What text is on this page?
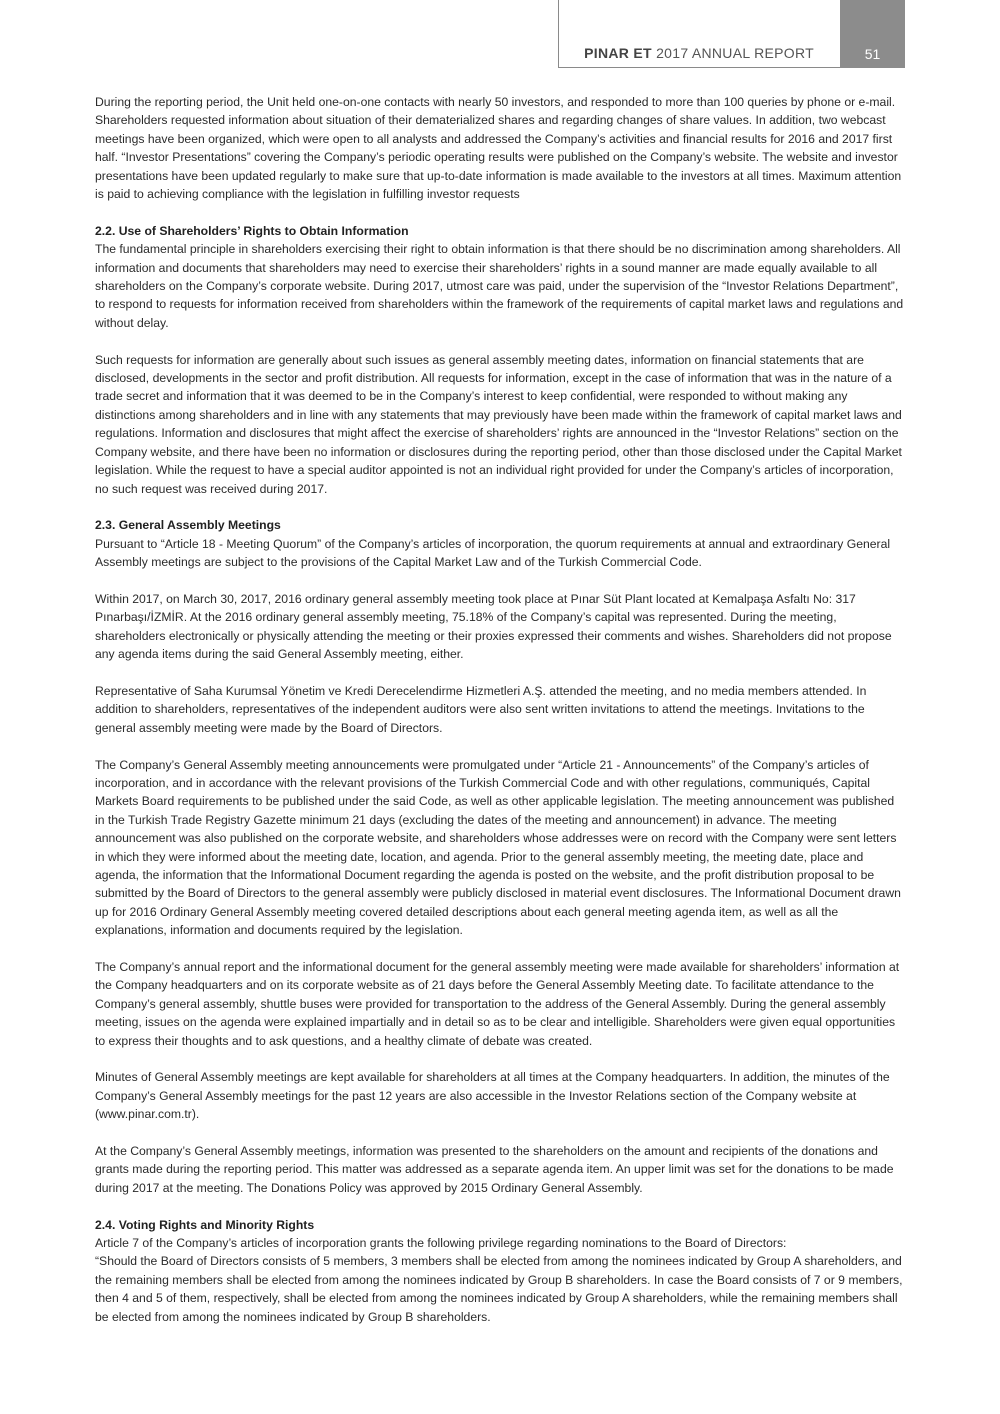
PINAR ET 2017 ANNUAL REPORT	51

During the reporting period, the Unit held one-on-one contacts with nearly 50 investors, and responded to more than 100 queries by phone or e-mail. Shareholders requested information about situation of their dematerialized shares and regarding changes of share values. In addition, two webcast meetings have been organized, which were open to all analysts and addressed the Company’s activities and financial results for 2016 and 2017 first half. “Investor Presentations” covering the Company’s periodic operating results were published on the Company’s website. The website and investor presentations have been updated regularly to make sure that up-to-date information is made available to the investors at all times. Maximum attention is paid to achieving compliance with the legislation in fulfilling investor requests

2.2. Use of Shareholders’ Rights to Obtain Information

The fundamental principle in shareholders exercising their right to obtain information is that there should be no discrimination among shareholders. All information and documents that shareholders may need to exercise their shareholders’ rights in a sound manner are made equally available to all shareholders on the Company’s corporate website. During 2017, utmost care was paid, under the supervision of the “Investor Relations Department”, to respond to requests for information received from shareholders within the framework of the requirements of capital market laws and regulations and without delay.

Such requests for information are generally about such issues as general assembly meeting dates, information on financial statements that are disclosed, developments in the sector and profit distribution. All requests for information, except in the case of information that was in the nature of a trade secret and information that it was deemed to be in the Company’s interest to keep confidential, were responded to without making any distinctions among shareholders and in line with any statements that may previously have been made within the framework of capital market laws and regulations. Information and disclosures that might affect the exercise of shareholders’ rights are announced in the “Investor Relations” section on the Company website, and there have been no information or disclosures during the reporting period, other than those disclosed under the Capital Market legislation. While the request to have a special auditor appointed is not an individual right provided for under the Company’s articles of incorporation, no such request was received during 2017.

2.3. General Assembly Meetings

Pursuant to “Article 18 - Meeting Quorum” of the Company’s articles of incorporation, the quorum requirements at annual and extraordinary General Assembly meetings are subject to the provisions of the Capital Market Law and of the Turkish Commercial Code.

Within 2017, on March 30, 2017, 2016 ordinary general assembly meeting took place at Pınar Süt Plant located at Kemalpaşa Asfaltı No: 317 Pınarbaşı/İZMİR. At the 2016 ordinary general assembly meeting, 75.18% of the Company’s capital was represented. During the meeting, shareholders electronically or physically attending the meeting or their proxies expressed their comments and wishes. Shareholders did not propose any agenda items during the said General Assembly meeting, either.

Representative of Saha Kurumsal Yönetim ve Kredi Derecelendirme Hizmetleri A.Ş. attended the meeting, and no media members attended. In addition to shareholders, representatives of the independent auditors were also sent written invitations to attend the meetings. Invitations to the general assembly meeting were made by the Board of Directors.

The Company’s General Assembly meeting announcements were promulgated under “Article 21 - Announcements” of the Company’s articles of incorporation, and in accordance with the relevant provisions of the Turkish Commercial Code and with other regulations, communiqués, Capital Markets Board requirements to be published under the said Code, as well as other applicable legislation. The meeting announcement was published in the Turkish Trade Registry Gazette minimum 21 days (excluding the dates of the meeting and announcement) in advance. The meeting announcement was also published on the corporate website, and shareholders whose addresses were on record with the Company were sent letters in which they were informed about the meeting date, location, and agenda. Prior to the general assembly meeting, the meeting date, place and agenda, the information that the Informational Document regarding the agenda is posted on the website, and the profit distribution proposal to be submitted by the Board of Directors to the general assembly were publicly disclosed in material event disclosures. The Informational Document drawn up for 2016 Ordinary General Assembly meeting covered detailed descriptions about each general meeting agenda item, as well as all the explanations, information and documents required by the legislation.

The Company’s annual report and the informational document for the general assembly meeting were made available for shareholders’ information at the Company headquarters and on its corporate website as of 21 days before the General Assembly Meeting date. To facilitate attendance to the Company’s general assembly, shuttle buses were provided for transportation to the address of the General Assembly. During the general assembly meeting, issues on the agenda were explained impartially and in detail so as to be clear and intelligible. Shareholders were given equal opportunities to express their thoughts and to ask questions, and a healthy climate of debate was created.

Minutes of General Assembly meetings are kept available for shareholders at all times at the Company headquarters. In addition, the minutes of the Company’s General Assembly meetings for the past 12 years are also accessible in the Investor Relations section of the Company website at (www.pinar.com.tr).

At the Company’s General Assembly meetings, information was presented to the shareholders on the amount and recipients of the donations and grants made during the reporting period. This matter was addressed as a separate agenda item. An upper limit was set for the donations to be made during 2017 at the meeting. The Donations Policy was approved by 2015 Ordinary General Assembly.

2.4. Voting Rights and Minority Rights

Article 7 of the Company’s articles of incorporation grants the following privilege regarding nominations to the Board of Directors:

“Should the Board of Directors consists of 5 members, 3 members shall be elected from among the nominees indicated by Group A shareholders, and the remaining members shall be elected from among the nominees indicated by Group B shareholders. In case the Board consists of 7 or 9 members, then 4 and 5 of them, respectively, shall be elected from among the nominees indicated by Group A shareholders, while the remaining members shall be elected from among the nominees indicated by Group B shareholders.
